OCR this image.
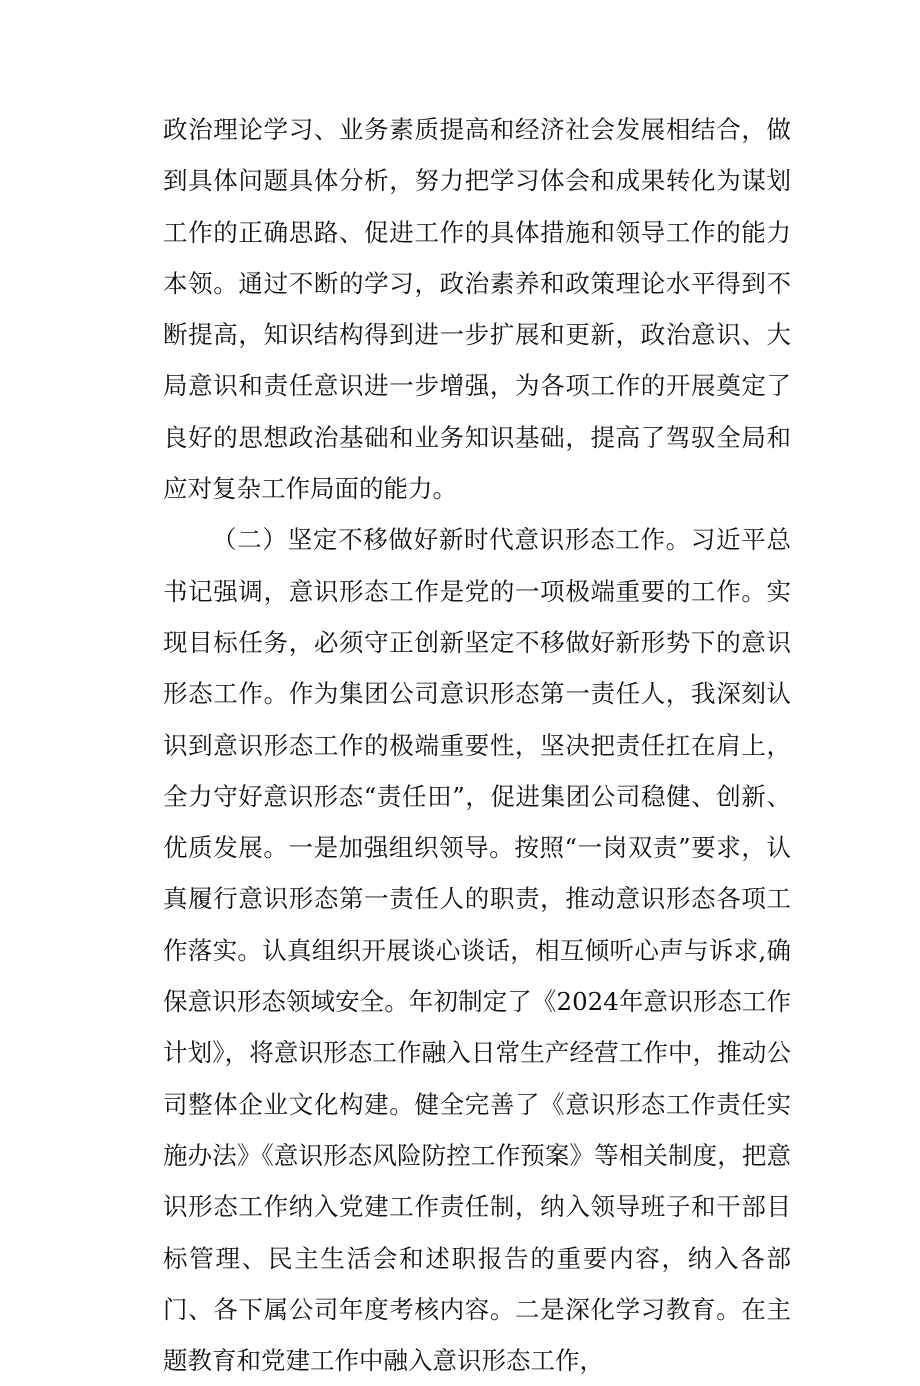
政治理论学习、业务素质提高和经济社会发展相结合，做到具体问题具体分析，努力把学习体会和成果转化为谋划工作的正确思路、促进工作的具体措施和领导工作的能力本领。通过不断的学习，政治素养和政策理论水平得到不断提高，知识结构得到进一步扩展和更新，政治意识、大局意识和责任意识进一步增强，为各项工作的开展奠定了良好的思想政治基础和业务知识基础，提高了驾驭全局和应对复杂工作局面的能力。

（二）坚定不移做好新时代意识形态工作。习近平总书记强调，意识形态工作是党的一项极端重要的工作。实现目标任务，必须守正创新坚定不移做好新形势下的意识形态工作。作为集团公司意识形态第一责任人，我深刻认识到意识形态工作的极端重要性，坚决把责任扛在肩上，全力守好意识形态“责任田”，促进集团公司稳健、创新、优质发展。一是加强组织领导。按照“一岗双责”要求，认真履行意识形态第一责任人的职责，推动意识形态各项工作落实。认真组织开展谈心谈话，相互倾听心声与诉求,确保意识形态领域安全。年初制定了《2024年意识形态工作计划》，将意识形态工作融入日常生产经营工作中，推动公司整体企业文化构建。健全完善了《意识形态工作责任实施办法》《意识形态风险防控工作预案》等相关制度，把意识形态工作纳入党建工作责任制，纳入领导班子和干部目标管理、民主生活会和述职报告的重要内容，纳入各部门、各下属公司年度考核内容。二是深化学习教育。在主题教育和党建工作中融入意识形态工作，
